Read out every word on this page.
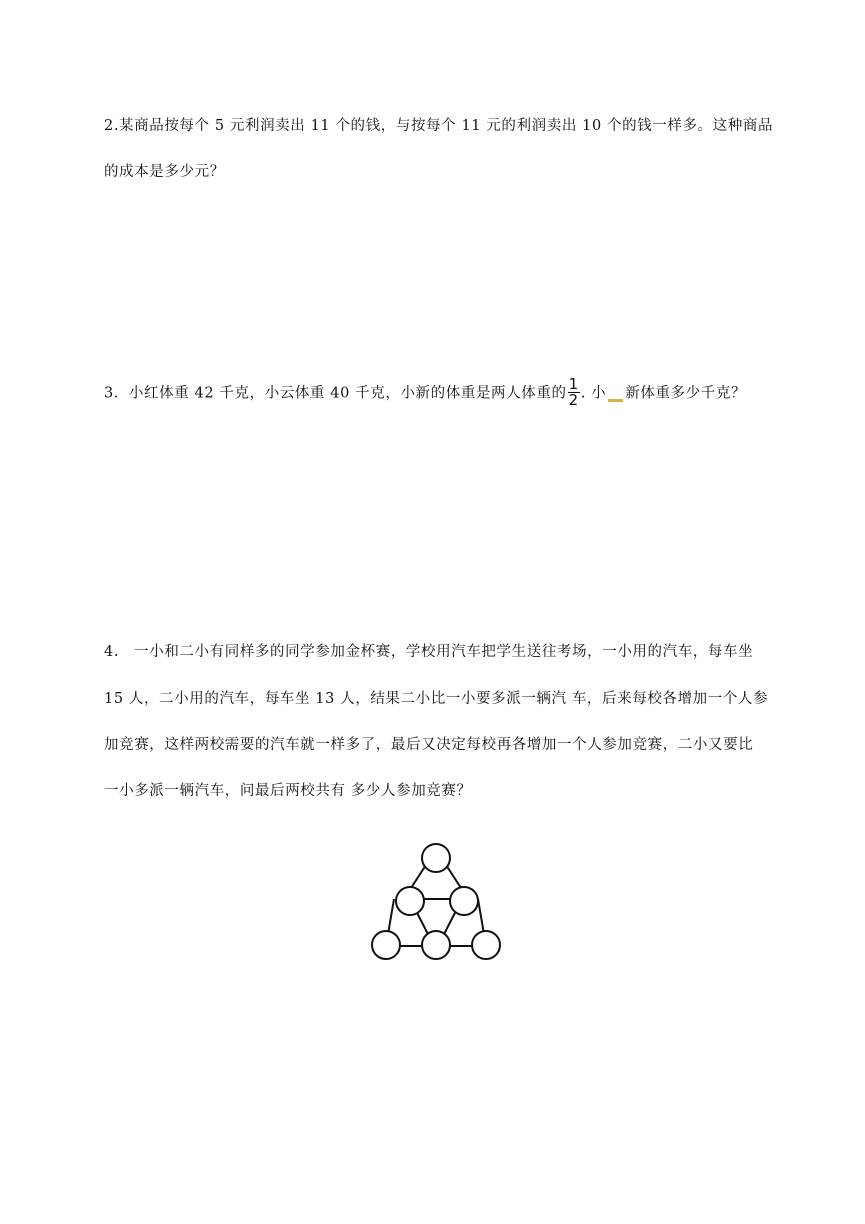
2.某商品按每个 5 元利润卖出 11 个的钱，与按每个 11 元的利润卖出 10 个的钱一样多。这种商品
的成本是多少元？
3．小红体重 42 千克，小云体重 40 千克，小新的体重是两人体重的 $\frac{1}{2}$ . 小 新体重多少千克？
4.　一小和二小有同样多的同学参加金杯赛，学校用汽车把学生送往考场，一小用的汽车，每车坐
15 人，二小用的汽车，每车坐 13 人，结果二小比一小要多派一辆汽 车，后来每校各增加一个人参
加竞赛，这样两校需要的汽车就一样多了，最后又决定每校再各增加一个人参加竞赛，二小又要比
一小多派一辆汽车，问最后两校共有 多少人参加竞赛？
